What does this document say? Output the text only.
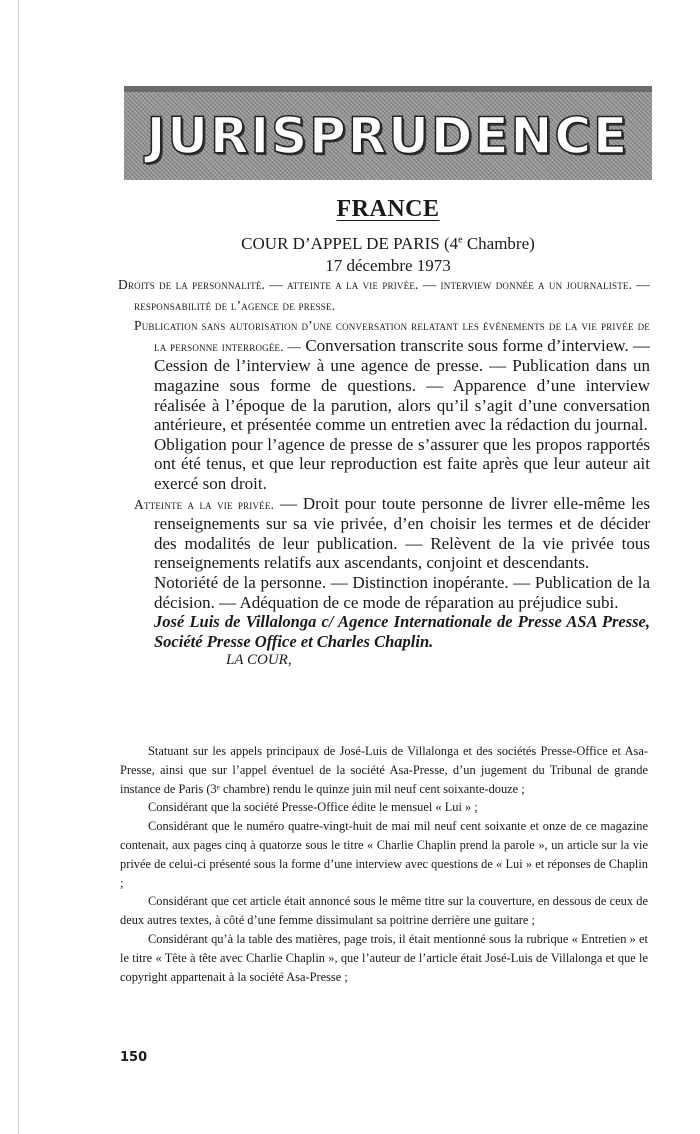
JURISPRUDENCE
FRANCE
COUR D’APPEL DE PARIS (4e Chambre)
17 décembre 1973

Droits de la personnalité. — atteinte a la vie privée. — interview donnée a un journaliste. — responsabilité de l’agence de presse.

Publication sans autorisation d’une conversation relatant les événements de la vie privée de la personne interrogée. — Conversation transcrite sous forme d’interview. — Cession de l’interview à une agence de presse. — Publication dans un magazine sous forme de questions. — Apparence d’une interview réalisée à l’époque de la parution, alors qu’il s’agit d’une conversation antérieure, et présentée comme un entretien avec la rédaction du journal.

Obligation pour l’agence de presse de s’assurer que les propos rapportés ont été tenus, et que leur reproduction est faite après que leur auteur ait exercé son droit.

Atteinte a la vie privée. — Droit pour toute personne de livrer elle-même les renseignements sur sa vie privée, d’en choisir les termes et de décider des modalités de leur publication. — Relèvent de la vie privée tous renseignements relatifs aux ascendants, conjoint et descendants.

Notoriété de la personne. — Distinction inopérante. — Publication de la décision. — Adéquation de ce mode de réparation au préjudice subi.

José Luis de Villalonga c/ Agence Internationale de Presse ASA Presse, Société Presse Office et Charles Chaplin.

LA COUR,

Statuant sur les appels principaux de José-Luis de Villalonga et des sociétés Presse-Office et Asa-Presse, ainsi que sur l’appel éventuel de la société Asa-Presse, d’un jugement du Tribunal de grande instance de Paris (3ᵉ chambre) rendu le quinze juin mil neuf cent soixante-douze ;

Considérant que la société Presse-Office édite le mensuel « Lui » ;

Considérant que le numéro quatre-vingt-huit de mai mil neuf cent soixante et onze de ce magazine contenait, aux pages cinq à quatorze sous le titre « Charlie Chaplin prend la parole », un article sur la vie privée de celui-ci présenté sous la forme d’une interview avec questions de « Lui » et réponses de Chaplin ;

Considérant que cet article était annoncé sous le même titre sur la couverture, en dessous de ceux de deux autres textes, à côté d’une femme dissimulant sa poitrine derrière une guitare ;

Considérant qu’à la table des matières, page trois, il était mentionné sous la rubrique « Entretien » et le titre « Tête à tête avec Charlie Chaplin », que l’auteur de l’article était José-Luis de Villalonga et que le copyright appartenait à la société Asa-Presse ;

150
